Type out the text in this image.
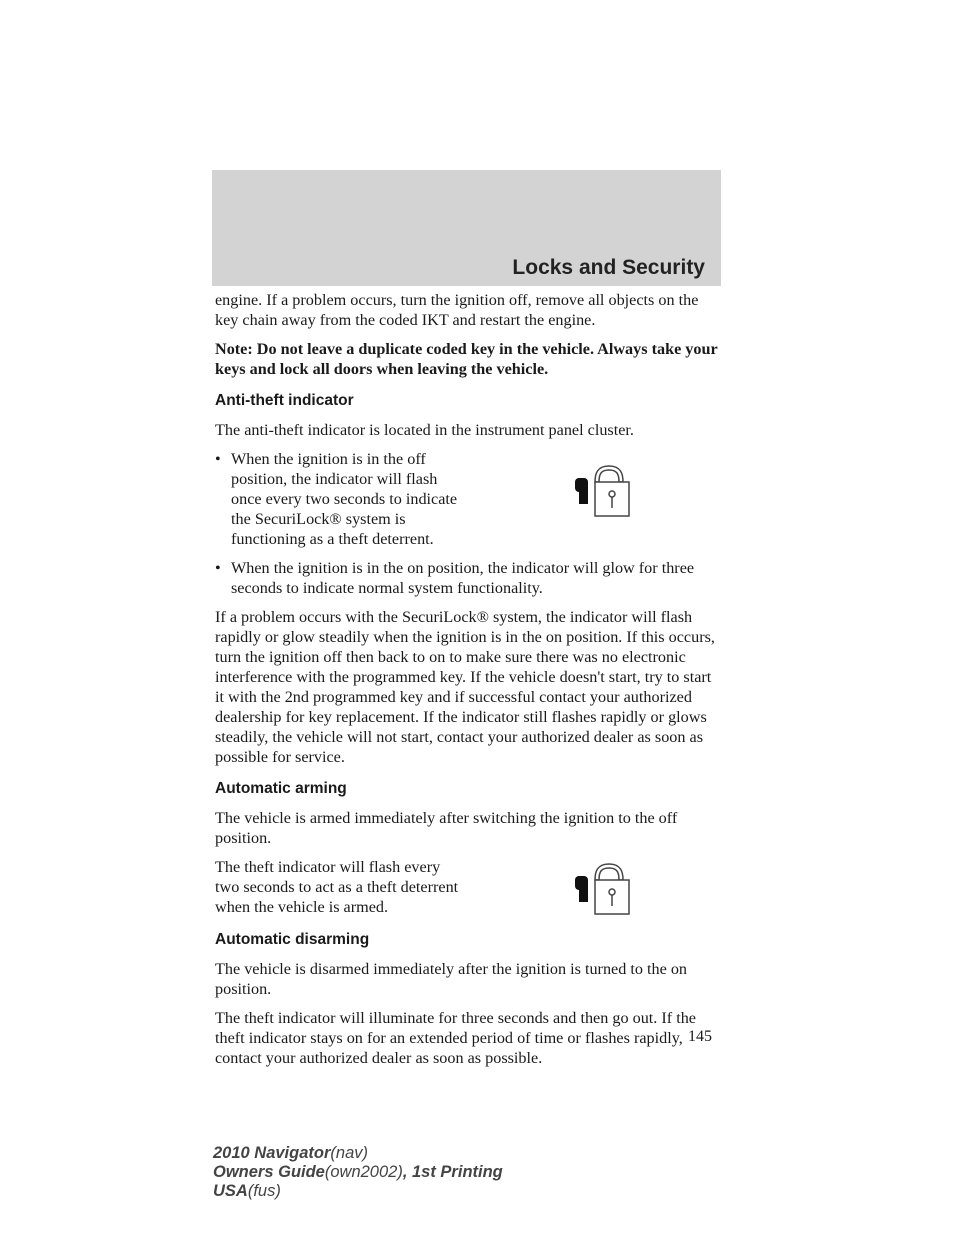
Locks and Security

engine. If a problem occurs, turn the ignition off, remove all objects on the key chain away from the coded IKT and restart the engine.

Note: Do not leave a duplicate coded key in the vehicle. Always take your keys and lock all doors when leaving the vehicle.

Anti-theft indicator

The anti-theft indicator is located in the instrument panel cluster.

• When the ignition is in the off position, the indicator will flash once every two seconds to indicate the SecuriLock® system is functioning as a theft deterrent.
• When the ignition is in the on position, the indicator will glow for three seconds to indicate normal system functionality.

If a problem occurs with the SecuriLock® system, the indicator will flash rapidly or glow steadily when the ignition is in the on position. If this occurs, turn the ignition off then back to on to make sure there was no electronic interference with the programmed key. If the vehicle doesn't start, try to start it with the 2nd programmed key and if successful contact your authorized dealership for key replacement. If the indicator still flashes rapidly or glows steadily, the vehicle will not start, contact your authorized dealer as soon as possible for service.

Automatic arming

The vehicle is armed immediately after switching the ignition to the off position.

The theft indicator will flash every two seconds to act as a theft deterrent when the vehicle is armed.

Automatic disarming

The vehicle is disarmed immediately after the ignition is turned to the on position.

The theft indicator will illuminate for three seconds and then go out. If the theft indicator stays on for an extended period of time or flashes rapidly, contact your authorized dealer as soon as possible.

145
2010 Navigator(nav)
Owners Guide(own2002), 1st Printing
USA(fus)
